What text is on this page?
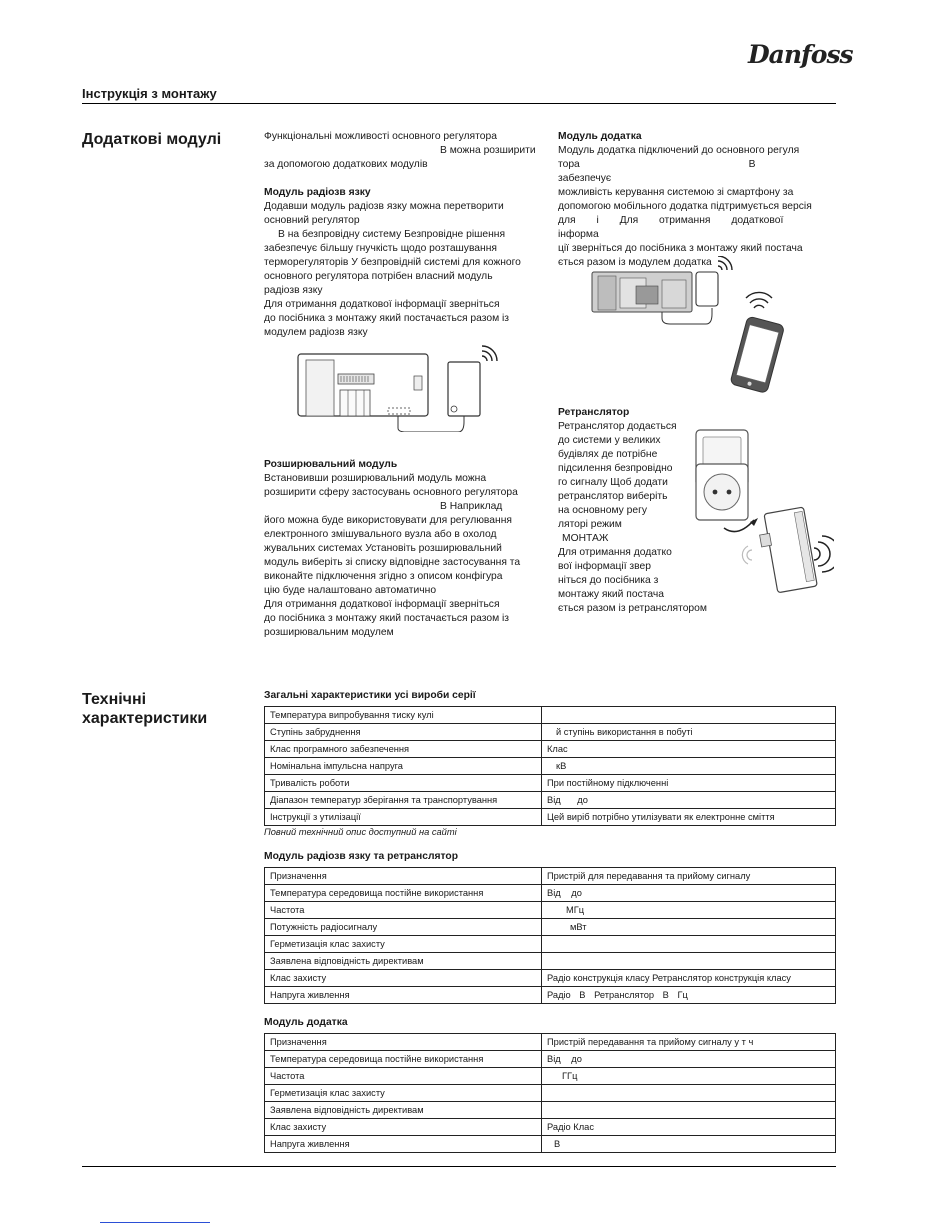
Danfoss
Інструкція з монтажу
Додаткові модулі
Технічні
характеристики

Функціональні можливості основного регулятора

В можна розширити

за допомогою додаткових модулів

Модуль радіозв язку

Додавши модуль радіозв язку можна перетворити

основний регулятор

В на безпровідну систему Безпровідне рішення

забезпечує більшу гнучкість щодо розташування

терморегуляторів У безпровідній системі для кожного

основного регулятора потрібен власний модуль

радіозв язку

Для отримання додаткової інформації зверніться

до посібника з монтажу який постачається разом із

модулем радіозв язку

Розширювальний модуль

Встановивши розширювальний модуль можна

розширити сферу застосувань основного регулятора

В Наприклад

його можна буде використовувати для регулювання

електронного змішувального вузла або в охолод

жувальних системах Установіть розширювальний

модуль виберіть зі списку відповідне застосування та

виконайте підключення згідно з описом конфігура

цію буде налаштовано автоматично

Для отримання додаткової інформації зверніться

до посібника з монтажу який постачається разом із

розширювальним модулем

Модуль додатка

Модуль додатка підключений до основного регуля

тора В забезпечує

можливість керування системою зі смартфону за

допомогою мобільного додатка підтримується версія

для і Для отримання додаткової інформа

ції зверніться до посібника з монтажу який постача

ється разом із модулем додатка

Ретранслятор

Ретранслятор додається

до системи у великих

будівлях де потрібне

підсилення безпровідно

го сигналу Щоб додати

ретранслятор виберіть

на основному регу

ляторі режим

МОНТАЖ

Для отримання додатко

вої інформації звер

ніться до посібника з

монтажу який постача

ється разом із ретранслятором

Загальні характеристики усі вироби серії
Температура випробування тиску кулі	
Ступінь забруднення	й ступінь використання в побуті
Клас програмного забезпечення	Клас
Номінальна імпульсна напруга	кВ
Тривалість роботи	При постійному підключенні
Діапазон температур зберігання та транспортування	Від до
Інструкції з утилізації	Цей виріб потрібно утилізувати як електронне сміття
Повний технічний опис доступний на сайті
Модуль радіозв язку та ретранслятор
Призначення	Пристрій для передавання та прийому сигналу
Температура середовища постійне використання	Від до
Частота	МГц
Потужність радіосигналу	мВт
Герметизація клас захисту	
Заявлена відповідність директивам	
Клас захисту	Радіо конструкція класу Ретранслятор конструкція класу
Напруга живлення	Радіо В Ретранслятор В Гц
Модуль додатка
Призначення	Пристрій передавання та прийому сигналу у т ч
Температура середовища постійне використання	Від до
Частота	ГГц
Герметизація клас захисту	
Заявлена відповідність директивам	
Клас захисту	Радіо Клас
Напруга живлення	В
